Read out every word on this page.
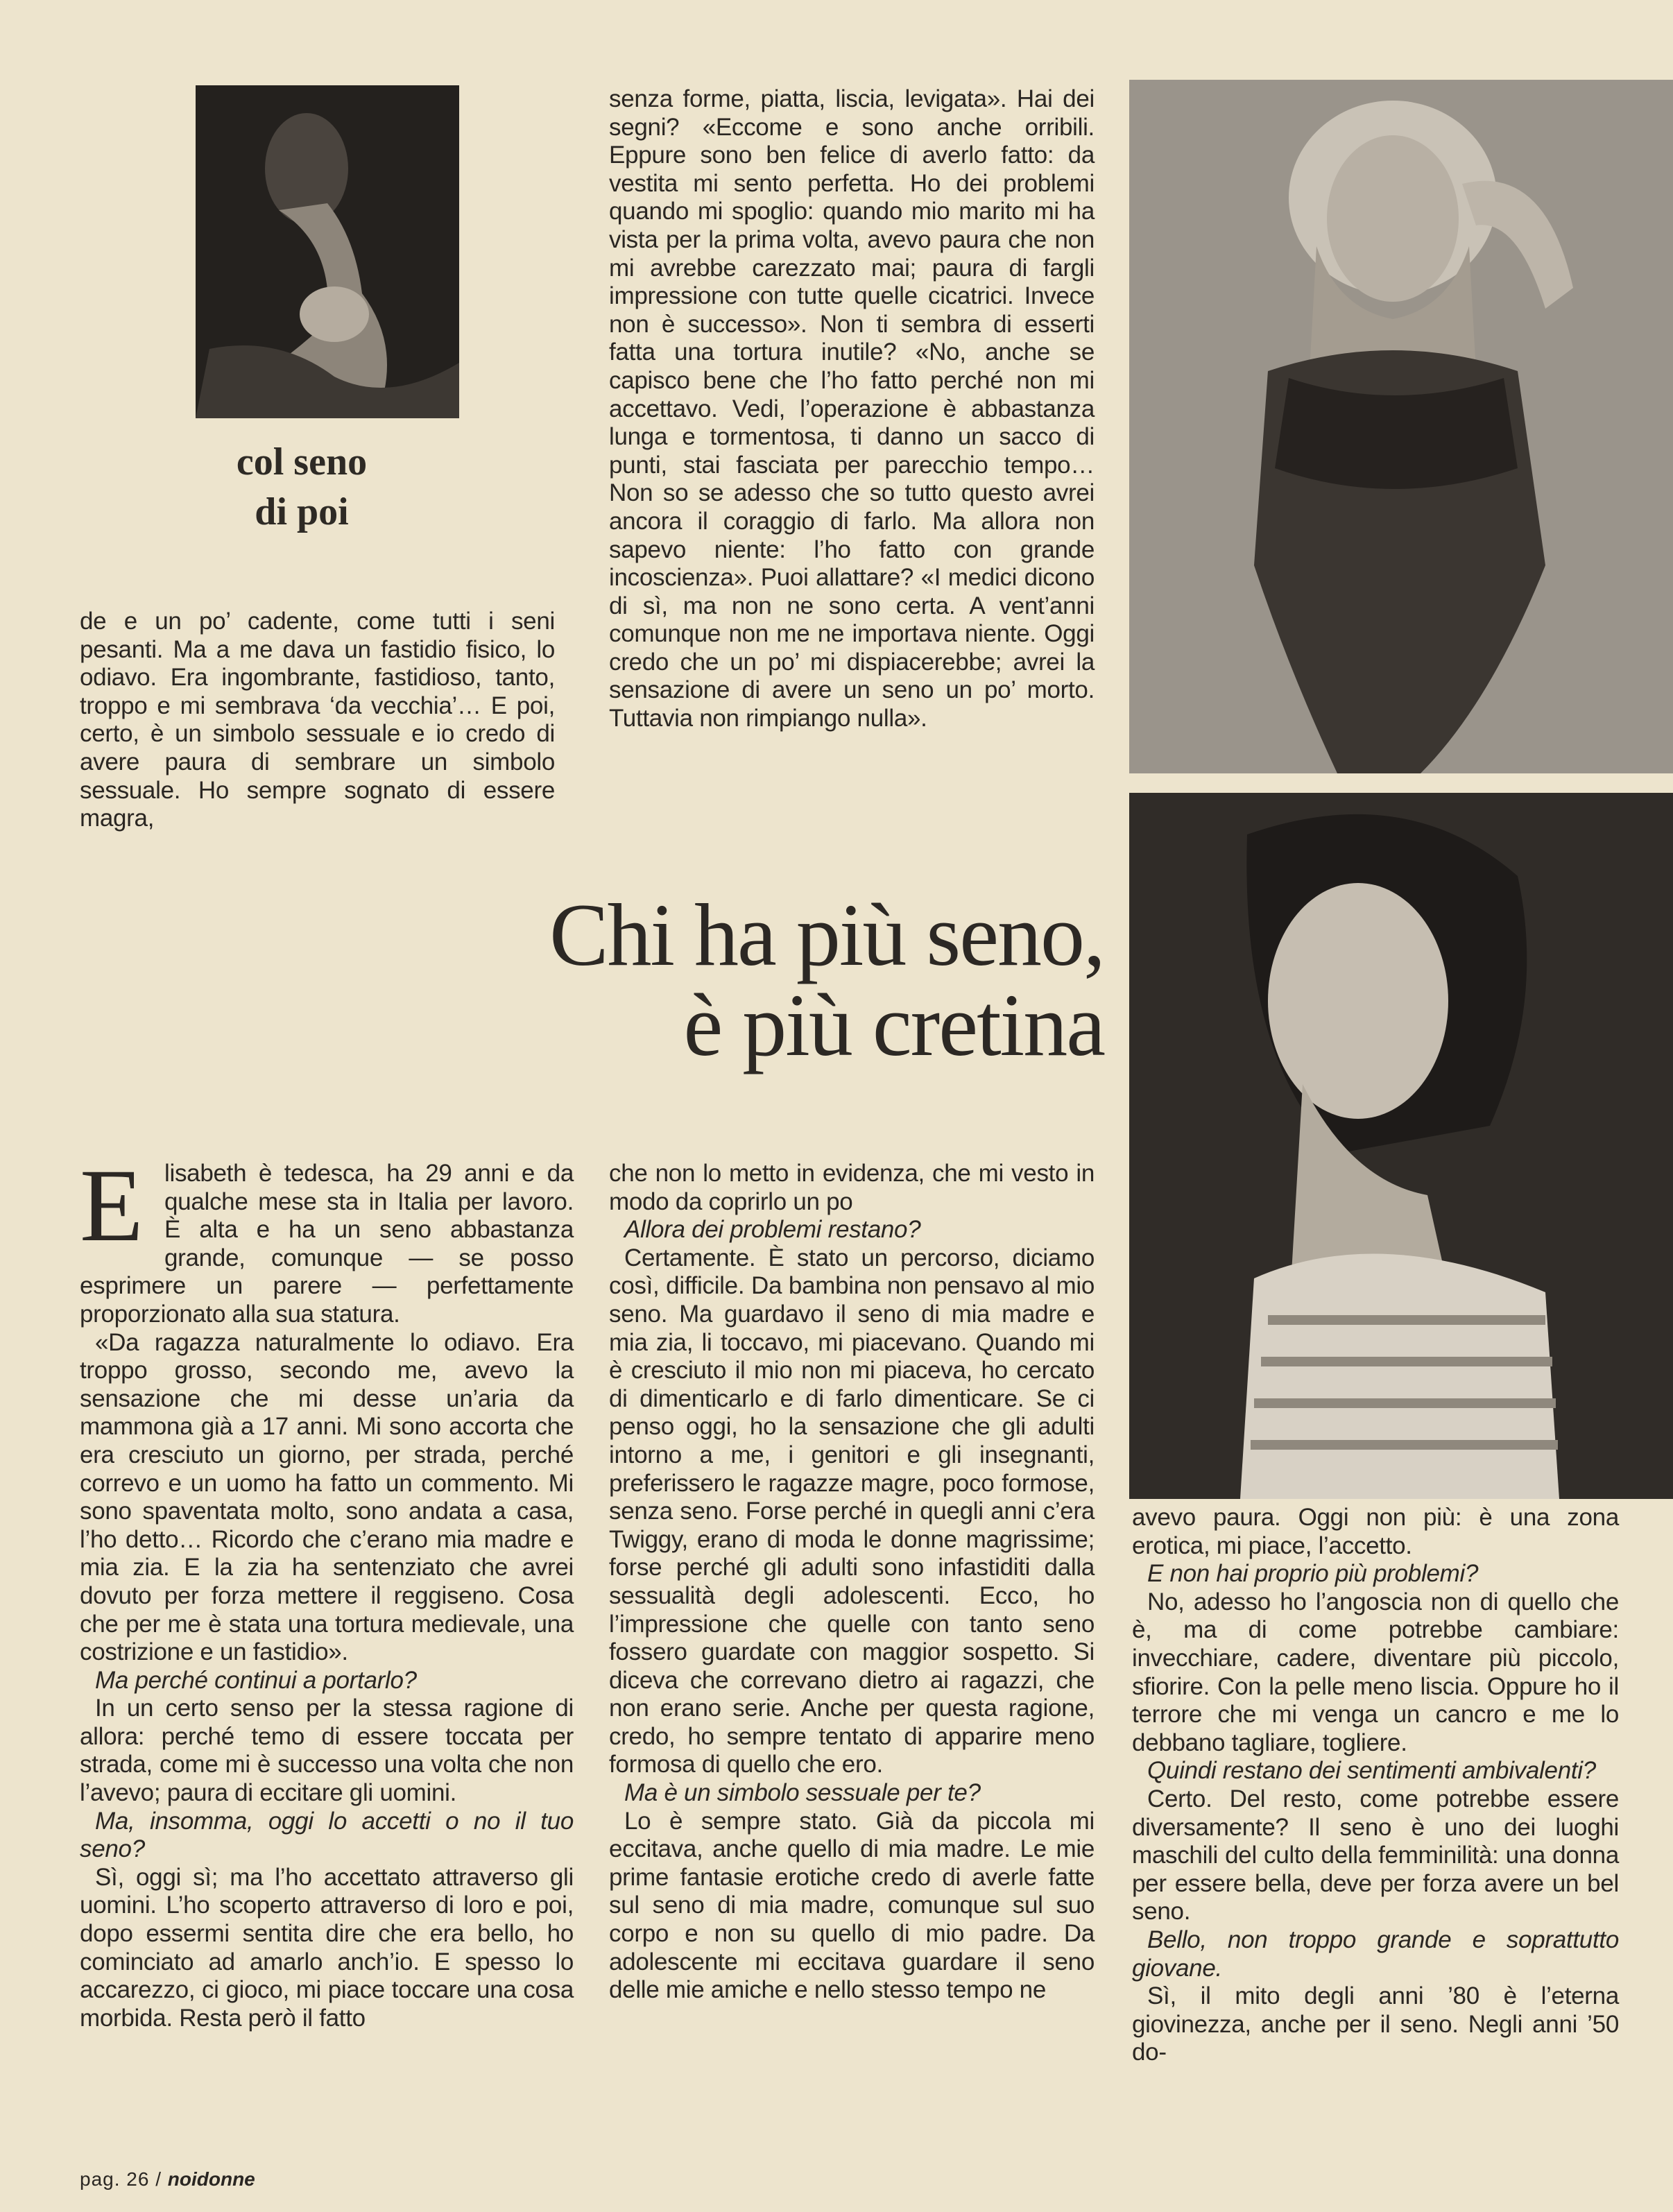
col seno
di poi

de e un po’ cadente, come tutti i seni pesanti. Ma a me dava un fastidio fisico, lo odiavo. Era ingombrante, fastidioso, tanto, troppo e mi sembrava ‘da vecchia’… E poi, certo, è un simbolo sessuale e io credo di avere paura di sembrare un simbolo sessuale. Ho sempre sognato di essere magra,

senza forme, piatta, liscia, levigata». Hai dei segni? «Eccome e sono anche orribili. Eppure sono ben felice di averlo fatto: da vestita mi sento perfetta. Ho dei problemi quando mi spoglio: quando mio marito mi ha vista per la prima volta, avevo paura che non mi avrebbe carezzato mai; paura di fargli impressione con tutte quelle cicatrici. Invece non è successo». Non ti sembra di esserti fatta una tortura inutile? «No, anche se capisco bene che l’ho fatto perché non mi accettavo. Vedi, l’operazione è abbastanza lunga e tormentosa, ti danno un sacco di punti, stai fasciata per parecchio tempo… Non so se adesso che so tutto questo avrei ancora il coraggio di farlo. Ma allora non sapevo niente: l’ho fatto con grande incoscienza». Puoi allattare? «I medici dicono di sì, ma non ne sono certa. A vent’anni comunque non me ne importava niente. Oggi credo che un po’ mi dispiacerebbe; avrei la sensazione di avere un seno un po’ morto. Tuttavia non rimpiango nulla».

Chi ha più seno,
è più cretina
E lisabeth è tedesca, ha 29 anni e da qualche mese sta in Italia per lavoro. È alta e ha un seno abbastanza grande, comunque — se posso esprimere un parere — perfettamente proporzionato alla sua statura.

«Da ragazza naturalmente lo odiavo. Era troppo grosso, secondo me, avevo la sensazione che mi desse un’aria da mammona già a 17 anni. Mi sono accorta che era cresciuto un giorno, per strada, perché correvo e un uomo ha fatto un commento. Mi sono spaventata molto, sono andata a casa, l’ho detto… Ricordo che c’erano mia madre e mia zia. E la zia ha sentenziato che avrei dovuto per forza mettere il reggiseno. Cosa che per me è stata una tortura medievale, una costrizione e un fastidio».

Ma perché continui a portarlo?

In un certo senso per la stessa ragione di allora: perché temo di essere toccata per strada, come mi è successo una volta che non l’avevo; paura di eccitare gli uomini.

Ma, insomma, oggi lo accetti o no il tuo seno?

Sì, oggi sì; ma l’ho accettato attraverso gli uomini. L’ho scoperto attraverso di loro e poi, dopo essermi sentita dire che era bello, ho cominciato ad amarlo anch’io. E spesso lo accarezzo, ci gioco, mi piace toccare una cosa morbida. Resta però il fatto

che non lo metto in evidenza, che mi vesto in modo da coprirlo un po

Allora dei problemi restano?

Certamente. È stato un percorso, diciamo così, difficile. Da bambina non pensavo al mio seno. Ma guardavo il seno di mia madre e mia zia, li toccavo, mi piacevano. Quando mi è cresciuto il mio non mi piaceva, ho cercato di dimenticarlo e di farlo dimenticare. Se ci penso oggi, ho la sensazione che gli adulti intorno a me, i genitori e gli insegnanti, preferissero le ragazze magre, poco formose, senza seno. Forse perché in quegli anni c’era Twiggy, erano di moda le donne magrissime; forse perché gli adulti sono infastiditi dalla sessualità degli adolescenti. Ecco, ho l’impressione che quelle con tanto seno fossero guardate con maggior sospetto. Si diceva che correvano dietro ai ragazzi, che non erano serie. Anche per questa ragione, credo, ho sempre tentato di apparire meno formosa di quello che ero.

Ma è un simbolo sessuale per te?

Lo è sempre stato. Già da piccola mi eccitava, anche quello di mia madre. Le mie prime fantasie erotiche credo di averle fatte sul seno di mia madre, comunque sul suo corpo e non su quello di mio padre. Da adolescente mi eccitava guardare il seno delle mie amiche e nello stesso tempo ne

avevo paura. Oggi non più: è una zona erotica, mi piace, l’accetto.

E non hai proprio più problemi?

No, adesso ho l’angoscia non di quello che è, ma di come potrebbe cambiare: invecchiare, cadere, diventare più piccolo, sfiorire. Con la pelle meno liscia. Oppure ho il terrore che mi venga un cancro e me lo debbano tagliare, togliere.

Quindi restano dei sentimenti ambivalenti?

Certo. Del resto, come potrebbe essere diversamente? Il seno è uno dei luoghi maschili del culto della femminilità: una donna per essere bella, deve per forza avere un bel seno.

Bello, non troppo grande e soprattutto giovane.

Sì, il mito degli anni ’80 è l’eterna giovinezza, anche per il seno. Negli anni ’50 do-

pag. 26 / noidonne
